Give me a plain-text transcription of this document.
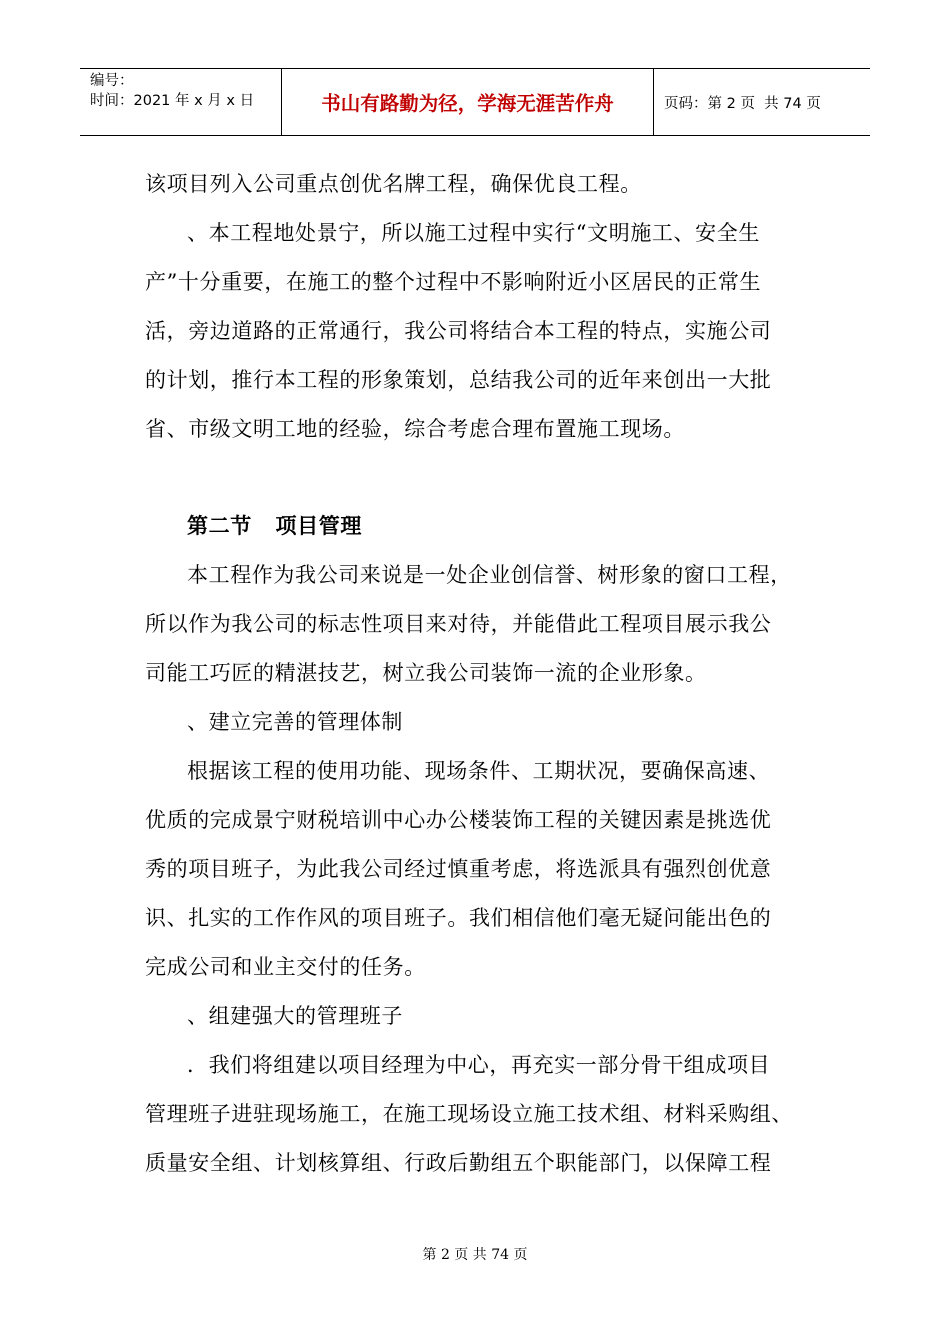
编号：
时间：2021 年 x 月 x 日	书山有路勤为径，学海无涯苦作舟	页码：第 2 页  共 74 页
该项目列入公司重点创优名牌工程，确保优良工程。
、本工程地处景宁，所以施工过程中实行“文明施工、安全生
产”十分重要，在施工的整个过程中不影响附近小区居民的正常生
活，旁边道路的正常通行，我公司将结合本工程的特点，实施公司
的计划，推行本工程的形象策划，总结我公司的近年来创出一大批
省、市级文明工地的经验，综合考虑合理布置施工现场。
第二节   项目管理
本工程作为我公司来说是一处企业创信誉、树形象的窗口工程，
所以作为我公司的标志性项目来对待，并能借此工程项目展示我公
司能工巧匠的精湛技艺，树立我公司装饰一流的企业形象。
、建立完善的管理体制
根据该工程的使用功能、现场条件、工期状况，要确保高速、
优质的完成景宁财税培训中心办公楼装饰工程的关键因素是挑选优
秀的项目班子，为此我公司经过慎重考虑，将选派具有强烈创优意
识、扎实的工作作风的项目班子。我们相信他们毫无疑问能出色的
完成公司和业主交付的任务。
、组建强大的管理班子
．我们将组建以项目经理为中心，再充实一部分骨干组成项目
管理班子进驻现场施工，在施工现场设立施工技术组、材料采购组、
质量安全组、计划核算组、行政后勤组五个职能部门，以保障工程
第 2 页 共 74 页
